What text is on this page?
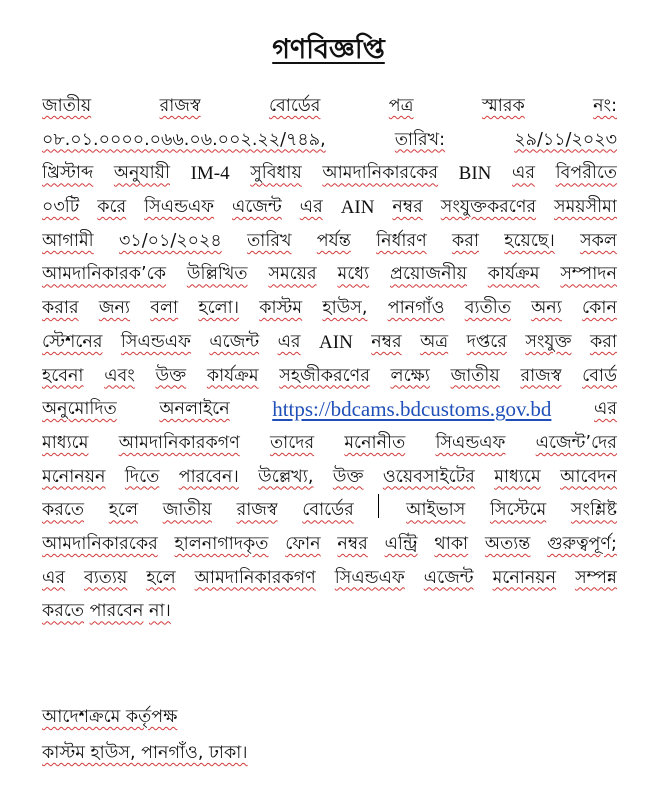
গণবিজ্ঞপ্তি
জাতীয়	রাজস্ব	বোর্ডের	পত্র	স্মারক	নং:
০৮.০১.০০০০.০৬৬.০৬.০০২.২২/৭৪৯,	তারিখ:	২৯/১১/২০২৩
খ্রিস্টাব্দ অনুযায়ী IM-4 সুবিধায় আমদানিকারকের BIN এর বিপরীতে
০৩টি করে সিএন্ডএফ এজেন্ট এর AIN নম্বর সংযুক্তকরণের সময়সীমা
আগামী ৩১/০১/২০২৪ তারিখ পর্যন্ত নির্ধারণ করা হয়েছে। সকল
আমদানিকারক’কে উল্লিখিত সময়ের মধ্যে প্রয়োজনীয় কার্যক্রম সম্পাদন
করার জন্য বলা হলো। কাস্টম হাউস, পানগাঁও ব্যতীত অন্য কোন
স্টেশনের সিএন্ডএফ এজেন্ট এর AIN নম্বর অত্র দপ্তরে সংযুক্ত করা
হবেনা এবং উক্ত কার্যক্রম সহজীকরণের লক্ষ্যে জাতীয় রাজস্ব বোর্ড
অনুমোদিত অনলাইনে https://bdcams.bdcustoms.gov.bd এর
মাধ্যমে আমদানিকারকগণ তাদের মনোনীত সিএন্ডএফ এজেন্ট’দের
মনোনয়ন দিতে পারবেন। উল্লেখ্য, উক্ত ওয়েবসাইটের মাধ্যমে আবেদন
করতে হলে জাতীয় রাজস্ব বোর্ডের	আইভাস সিস্টেমে সংশ্লিষ্ট
আমদানিকারকের হালনাগাদকৃত ফোন নম্বর এন্ট্রি থাকা অত্যন্ত গুরুত্বপূর্ণ;
এর ব্যত্যয় হলে আমদানিকারকগণ সিএন্ডএফ এজেন্ট মনোনয়ন সম্পন্ন
করতে পারবেন না।
আদেশক্রমে কর্তৃপক্ষ
কাস্টম হাউস, পানগাঁও, ঢাকা।
